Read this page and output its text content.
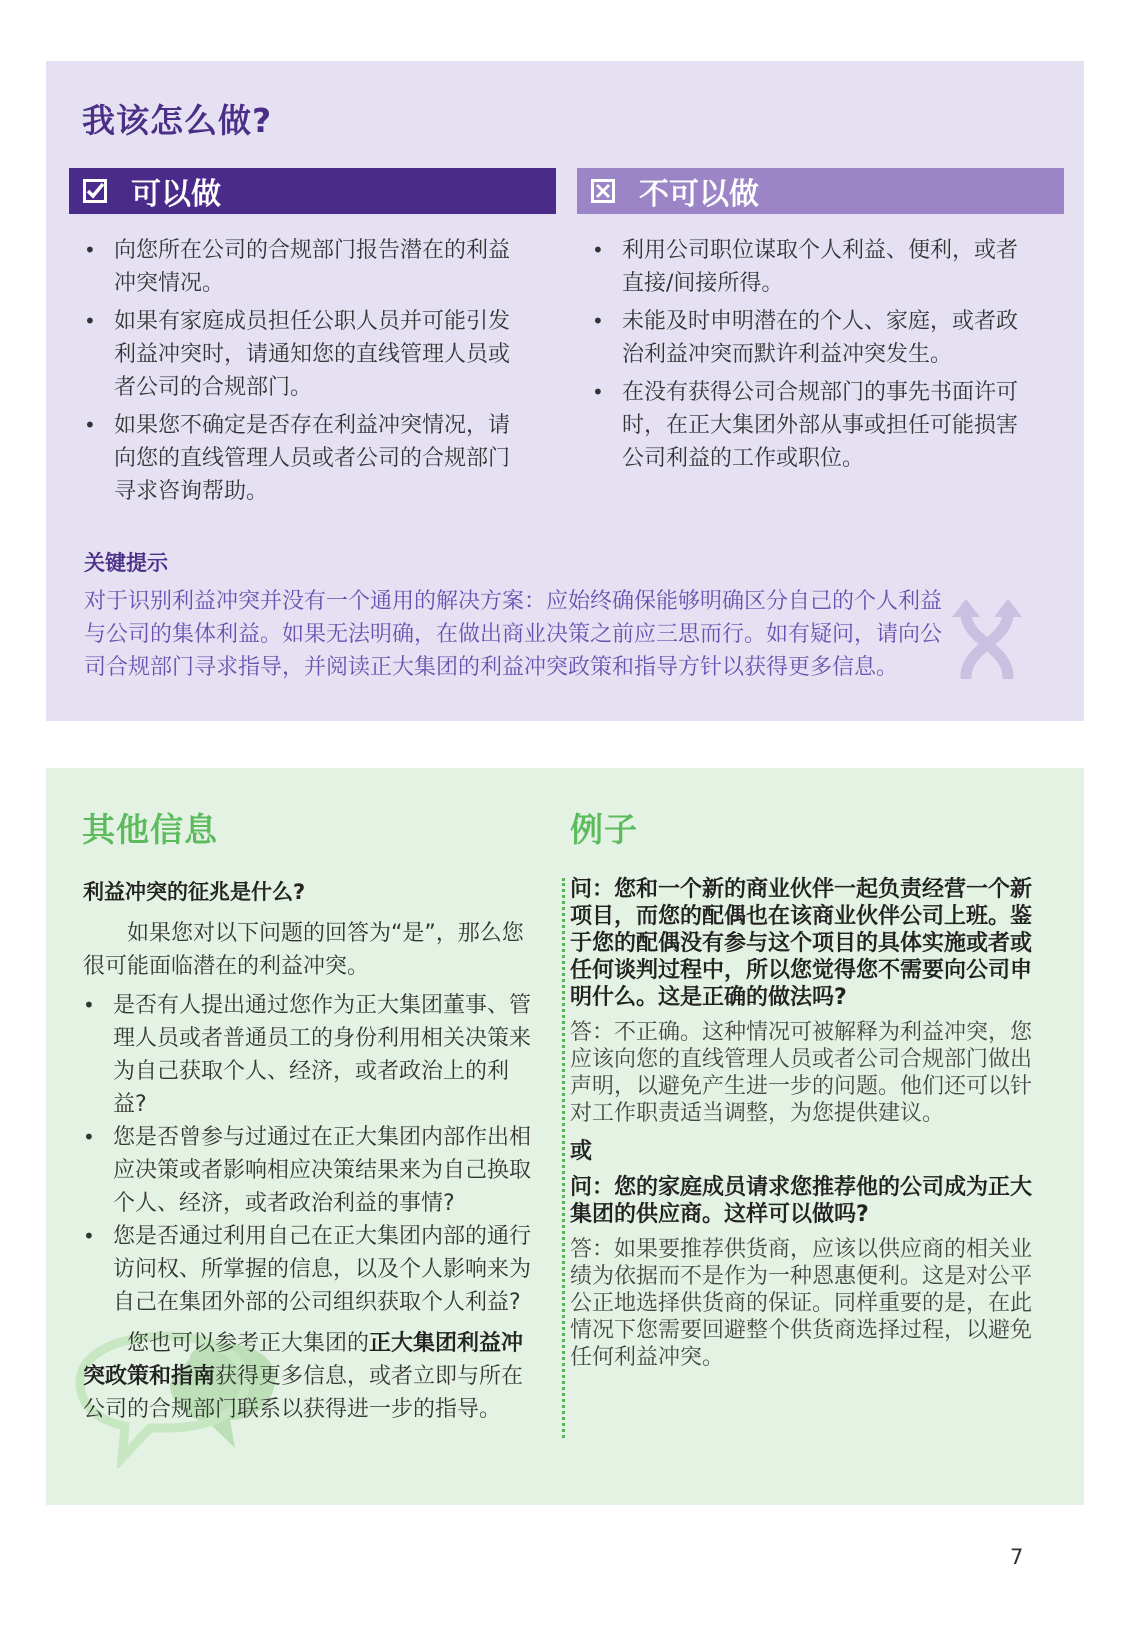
我该怎么做?
可以做	不可以做
• 向您所在公司的合规部门报告潜在的利益冲突情况。
• 如果有家庭成员担任公职人员并可能引发利益冲突时，请通知您的直线管理人员或者公司的合规部门。
• 如果您不确定是否存在利益冲突情况，请向您的直线管理人员或者公司的合规部门寻求咨询帮助。
• 利用公司职位谋取个人利益、便利，或者直接/间接所得。
• 未能及时申明潜在的个人、家庭，或者政治利益冲突而默许利益冲突发生。
• 在没有获得公司合规部门的事先书面许可时，在正大集团外部从事或担任可能损害公司利益的工作或职位。
关键提示
对于识别利益冲突并没有一个通用的解决方案：应始终确保能够明确区分自己的个人利益与公司的集体利益。如果无法明确，在做出商业决策之前应三思而行。如有疑问，请向公司合规部门寻求指导，并阅读正大集团的利益冲突政策和指导方针以获得更多信息。
其他信息	例子
利益冲突的征兆是什么?
如果您对以下问题的回答为“是”，那么您很可能面临潜在的利益冲突。
• 是否有人提出通过您作为正大集团董事、管理人员或者普通员工的身份利用相关决策来为自己获取个人、经济，或者政治上的利益?
• 您是否曾参与过通过在正大集团内部作出相应决策或者影响相应决策结果来为自己换取个人、经济，或者政治利益的事情?
• 您是否通过利用自己在正大集团内部的通行访问权、所掌握的信息，以及个人影响来为自己在集团外部的公司组织获取个人利益?
您也可以参考正大集团的正大集团利益冲突政策和指南获得更多信息，或者立即与所在公司的合规部门联系以获得进一步的指导。
问：您和一个新的商业伙伴一起负责经营一个新项目，而您的配偶也在该商业伙伴公司上班。鉴于您的配偶没有参与这个项目的具体实施或者或任何谈判过程中，所以您觉得您不需要向公司申明什么。这是正确的做法吗?
答：不正确。这种情况可被解释为利益冲突，您应该向您的直线管理人员或者公司合规部门做出声明，以避免产生进一步的问题。他们还可以针对工作职责适当调整，为您提供建议。
或
问：您的家庭成员请求您推荐他的公司成为正大集团的供应商。这样可以做吗?
答：如果要推荐供货商，应该以供应商的相关业绩为依据而不是作为一种恩惠便利。这是对公平公正地选择供货商的保证。同样重要的是，在此情况下您需要回避整个供货商选择过程，以避免任何利益冲突。
7
